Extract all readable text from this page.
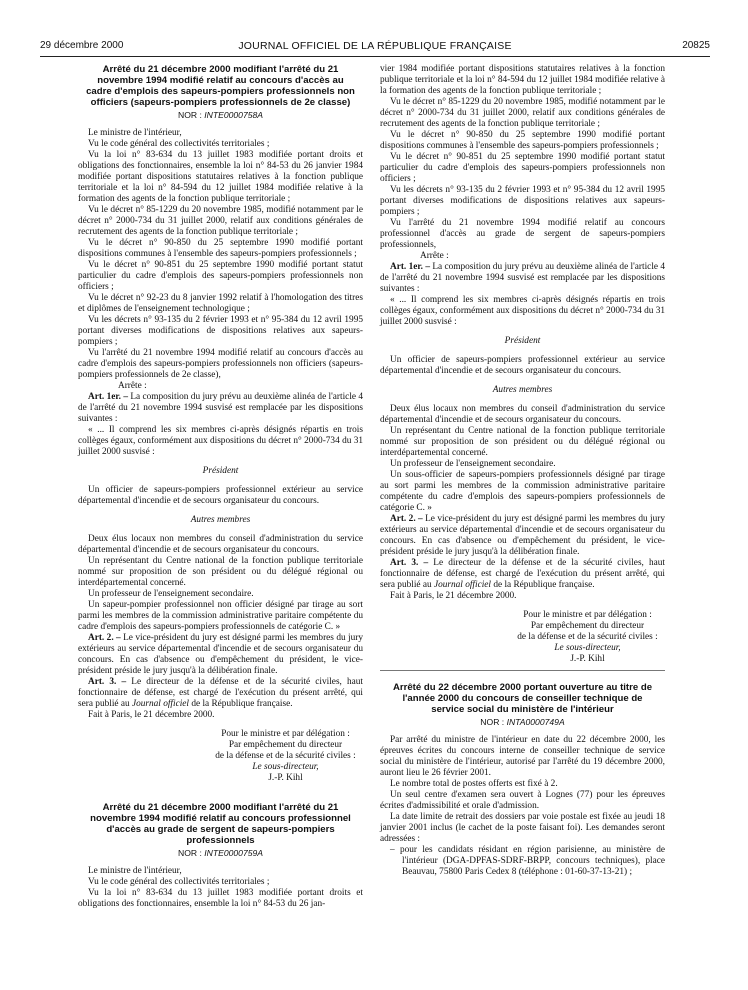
29 décembre 2000	JOURNAL OFFICIEL DE LA RÉPUBLIQUE FRANÇAISE	20825
Arrêté du 21 décembre 2000 modifiant l'arrêté du 21 novembre 1994 modifié relatif au concours d'accès au cadre d'emplois des sapeurs-pompiers professionnels non officiers (sapeurs-pompiers professionnels de 2e classe)
NOR : INTE0000758A

Le ministre de l'intérieur,

Vu le code général des collectivités territoriales ;

Vu la loi n° 83-634 du 13 juillet 1983 modifiée portant droits et obligations des fonctionnaires, ensemble la loi n° 84-53 du 26 janvier 1984 modifiée portant dispositions statutaires relatives à la fonction publique territoriale et la loi n° 84-594 du 12 juillet 1984 modifiée relative à la formation des agents de la fonction publique territoriale ;

Vu le décret n° 85-1229 du 20 novembre 1985, modifié notamment par le décret n° 2000-734 du 31 juillet 2000, relatif aux conditions générales de recrutement des agents de la fonction publique territoriale ;

Vu le décret n° 90-850 du 25 septembre 1990 modifié portant dispositions communes à l'ensemble des sapeurs-pompiers professionnels ;

Vu le décret n° 90-851 du 25 septembre 1990 modifié portant statut particulier du cadre d'emplois des sapeurs-pompiers professionnels non officiers ;

Vu le décret n° 92-23 du 8 janvier 1992 relatif à l'homologation des titres et diplômes de l'enseignement technologique ;

Vu les décrets n° 93-135 du 2 février 1993 et n° 95-384 du 12 avril 1995 portant diverses modifications de dispositions relatives aux sapeurs-pompiers ;

Vu l'arrêté du 21 novembre 1994 modifié relatif au concours d'accès au cadre d'emplois des sapeurs-pompiers professionnels non officiers (sapeurs-pompiers professionnels de 2e classe),

Arrête :

Art. 1er. – La composition du jury prévu au deuxième alinéa de l'article 4 de l'arrêté du 21 novembre 1994 susvisé est remplacée par les dispositions suivantes :

« ... Il comprend les six membres ci-après désignés répartis en trois collèges égaux, conformément aux dispositions du décret n° 2000-734 du 31 juillet 2000 susvisé :

Président

Un officier de sapeurs-pompiers professionnel extérieur au service départemental d'incendie et de secours organisateur du concours.

Autres membres

Deux élus locaux non membres du conseil d'administration du service départemental d'incendie et de secours organisateur du concours.

Un représentant du Centre national de la fonction publique territoriale nommé sur proposition de son président ou du délégué régional ou interdépartemental concerné.

Un professeur de l'enseignement secondaire.

Un sapeur-pompier professionnel non officier désigné par tirage au sort parmi les membres de la commission administrative paritaire compétente du cadre d'emplois des sapeurs-pompiers professionnels de catégorie C. »

Art. 2. – Le vice-président du jury est désigné parmi les membres du jury extérieurs au service départemental d'incendie et de secours organisateur du concours. En cas d'absence ou d'empêchement du président, le vice-président préside le jury jusqu'à la délibération finale.

Art. 3. – Le directeur de la défense et de la sécurité civiles, haut fonctionnaire de défense, est chargé de l'exécution du présent arrêté, qui sera publié au Journal officiel de la République française.

Fait à Paris, le 21 décembre 2000.

Pour le ministre et par délégation :

Par empêchement du directeur

de la défense et de la sécurité civiles :

Le sous-directeur,

J.-P. Kihl

Arrêté du 21 décembre 2000 modifiant l'arrêté du 21 novembre 1994 modifié relatif au concours professionnel d'accès au grade de sergent de sapeurs-pompiers professionnels
NOR : INTE0000759A

Le ministre de l'intérieur,

Vu le code général des collectivités territoriales ;

Vu la loi n° 83-634 du 13 juillet 1983 modifiée portant droits et obligations des fonctionnaires, ensemble la loi n° 84-53 du 26 jan-

vier 1984 modifiée portant dispositions statutaires relatives à la fonction publique territoriale et la loi n° 84-594 du 12 juillet 1984 modifiée relative à la formation des agents de la fonction publique territoriale ;

Vu le décret n° 85-1229 du 20 novembre 1985, modifié notamment par le décret n° 2000-734 du 31 juillet 2000, relatif aux conditions générales de recrutement des agents de la fonction publique territoriale ;

Vu le décret n° 90-850 du 25 septembre 1990 modifié portant dispositions communes à l'ensemble des sapeurs-pompiers professionnels ;

Vu le décret n° 90-851 du 25 septembre 1990 modifié portant statut particulier du cadre d'emplois des sapeurs-pompiers professionnels non officiers ;

Vu les décrets n° 93-135 du 2 février 1993 et n° 95-384 du 12 avril 1995 portant diverses modifications de dispositions relatives aux sapeurs-pompiers ;

Vu l'arrêté du 21 novembre 1994 modifié relatif au concours professionnel d'accès au grade de sergent de sapeurs-pompiers professionnels,

Arrête :

Art. 1er. – La composition du jury prévu au deuxième alinéa de l'article 4 de l'arrêté du 21 novembre 1994 susvisé est remplacée par les dispositions suivantes :

« ... Il comprend les six membres ci-après désignés répartis en trois collèges égaux, conformément aux dispositions du décret n° 2000-734 du 31 juillet 2000 susvisé :

Président

Un officier de sapeurs-pompiers professionnel extérieur au service départemental d'incendie et de secours organisateur du concours.

Autres membres

Deux élus locaux non membres du conseil d'administration du service départemental d'incendie et de secours organisateur du concours.

Un représentant du Centre national de la fonction publique territoriale nommé sur proposition de son président ou du délégué régional ou interdépartemental concerné.

Un professeur de l'enseignement secondaire.

Un sous-officier de sapeurs-pompiers professionnels désigné par tirage au sort parmi les membres de la commission administrative paritaire compétente du cadre d'emplois des sapeurs-pompiers professionnels de catégorie C. »

Art. 2. – Le vice-président du jury est désigné parmi les membres du jury extérieurs au service départemental d'incendie et de secours organisateur du concours. En cas d'absence ou d'empêchement du président, le vice-président préside le jury jusqu'à la délibération finale.

Art. 3. – Le directeur de la défense et de la sécurité civiles, haut fonctionnaire de défense, est chargé de l'exécution du présent arrêté, qui sera publié au Journal officiel de la République française.

Fait à Paris, le 21 décembre 2000.

Pour le ministre et par délégation :

Par empêchement du directeur

de la défense et de la sécurité civiles :

Le sous-directeur,

J.-P. Kihl

Arrêté du 22 décembre 2000 portant ouverture au titre de l'année 2000 du concours de conseiller technique de service social du ministère de l'intérieur
NOR : INTA0000749A

Par arrêté du ministre de l'intérieur en date du 22 décembre 2000, les épreuves écrites du concours interne de conseiller technique de service social du ministère de l'intérieur, autorisé par l'arrêté du 19 décembre 2000, auront lieu le 26 février 2001.

Le nombre total de postes offerts est fixé à 2.

Un seul centre d'examen sera ouvert à Lognes (77) pour les épreuves écrites d'admissibilité et orale d'admission.

La date limite de retrait des dossiers par voie postale est fixée au jeudi 18 janvier 2001 inclus (le cachet de la poste faisant foi). Les demandes seront adressées :

– pour les candidats résidant en région parisienne, au ministère de l'intérieur (DGA-DPFAS-SDRF-BRPP, concours techniques), place Beauvau, 75800 Paris Cedex 8 (téléphone : 01-60-37-13-21) ;
